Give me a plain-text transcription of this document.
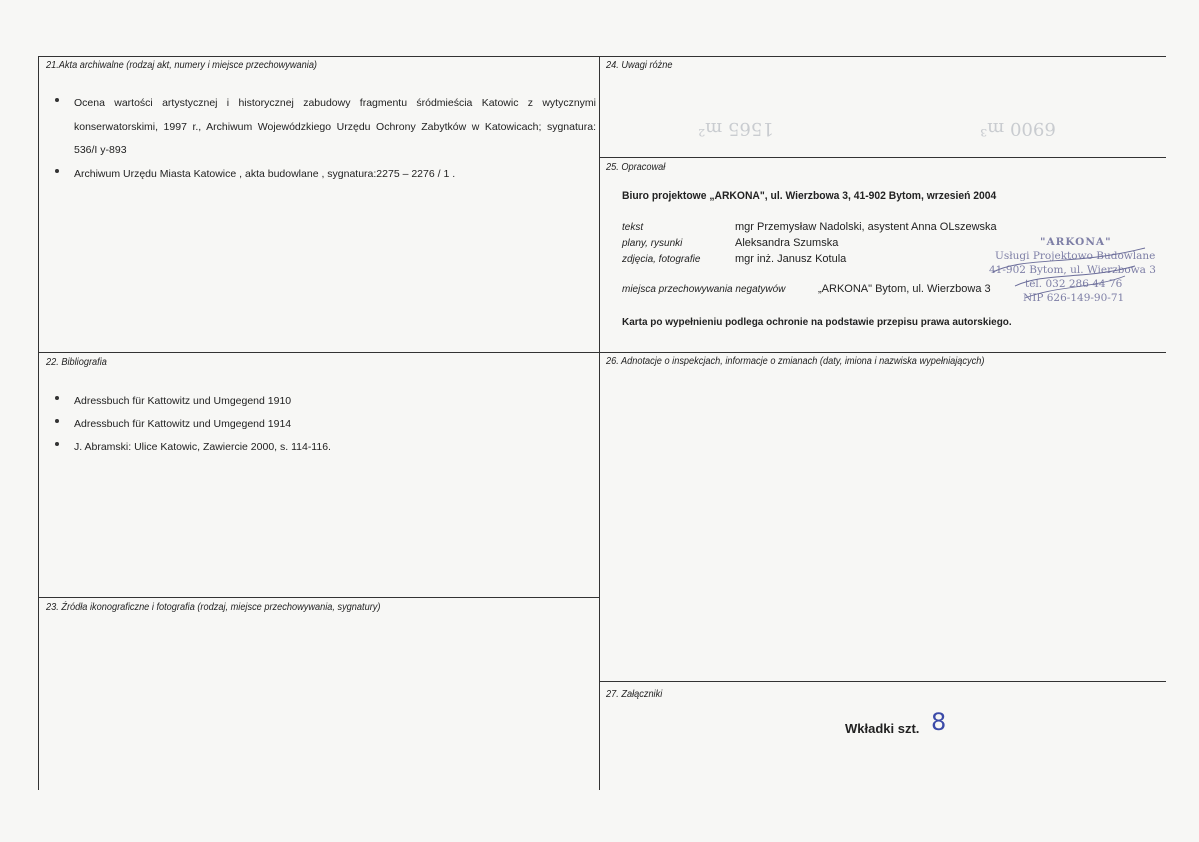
6900 m³
1565 m²
21.Akta archiwalne (rodzaj akt, numery i miejsce przechowywania)
Ocena wartości artystycznej i historycznej zabudowy fragmentu śródmieścia Katowic z wytycznymi konserwatorskimi, 1997 r., Archiwum Wojewódzkiego Urzędu Ochrony Zabytków w Katowicach; sygnatura: 536/I y-893
Archiwum Urzędu Miasta Katowice , akta budowlane , sygnatura:2275 – 2276 / 1 .
22. Bibliografia
Adressbuch für Kattowitz und Umgegend 1910
Adressbuch für Kattowitz und Umgegend 1914
J. Abramski: Ulice Katowic, Zawiercie 2000, s. 114-116.
23. Źródła ikonograficzne i fotografia (rodzaj, miejsce przechowywania, sygnatury)
24. Uwagi różne
25. Opracował
Biuro projektowe „ARKONA", ul. Wierzbowa 3, 41-902 Bytom, wrzesień 2004
tekst	mgr Przemysław Nadolski, asystent Anna OLszewska
plany, rysunki	Aleksandra Szumska
zdjęcia, fotografie	mgr inż. Janusz Kotula
miejsca przechowywania negatywów	„ARKONA" Bytom, ul. Wierzbowa 3
Karta po wypełnieniu podlega ochronie na podstawie przepisu prawa autorskiego.
"ARKONA"
Usługi Projektowo Budowlane
41-902 Bytom, ul. Wierzbowa 3
tel. 032 286 44 76
NIP 626-149-90-71
26. Adnotacje o inspekcjach, informacje o zmianach (daty, imiona i nazwiska wypełniających)
27. Załączniki
Wkładki szt. 8
